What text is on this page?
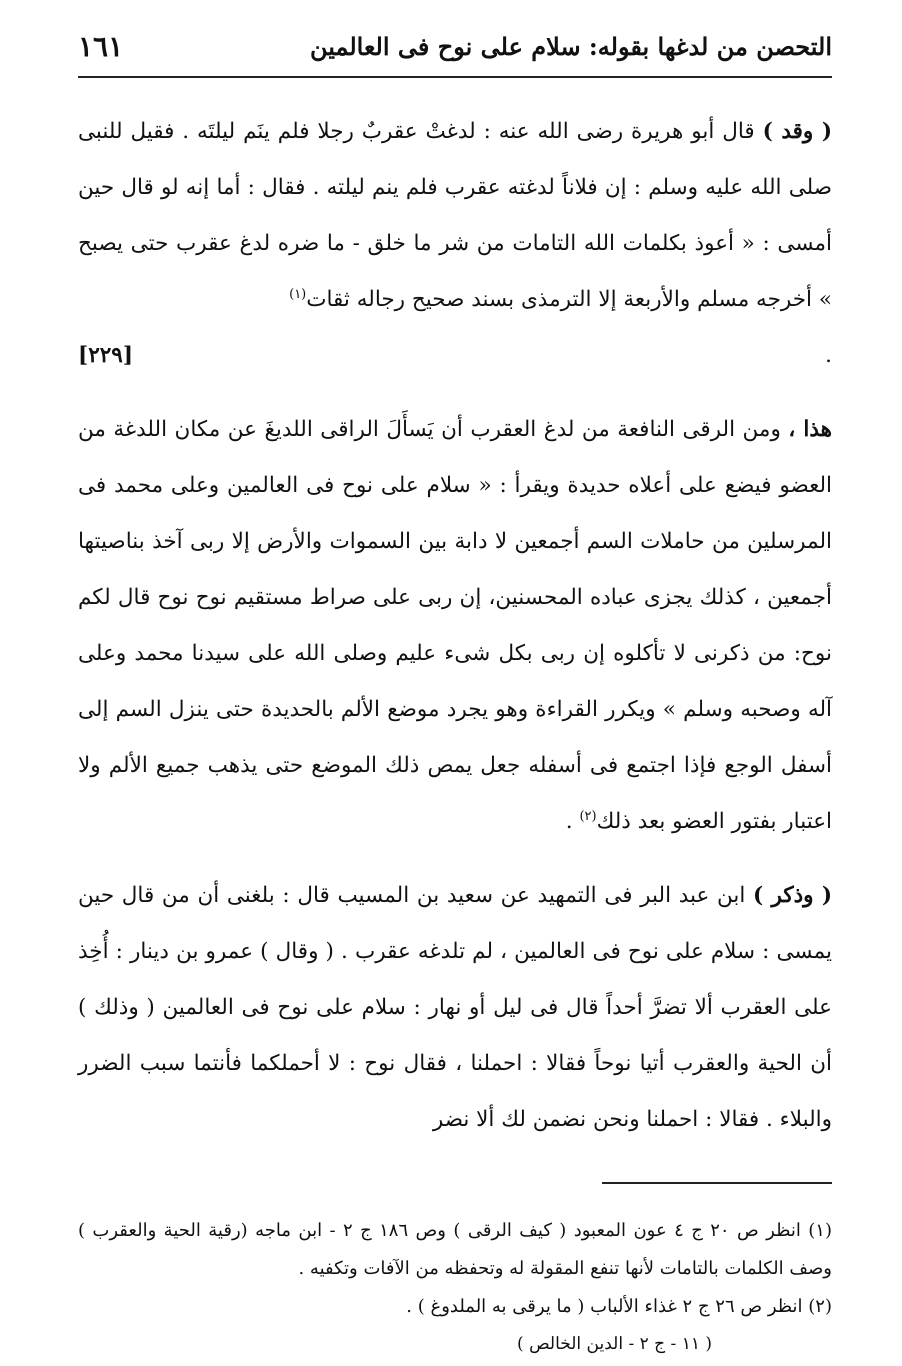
١٦١	التحصن من لدغها بقوله: سلام على نوح فى العالمين

( وقد ) قال أبو هريرة رضى الله عنه : لدغتْ عقربٌ رجلا فلم ينَم ليلتَه . فقيل للنبى صلى الله عليه وسلم : إن فلاناً لدغته عقرب فلم ينم ليلته . فقال : أما إنه لو قال حين أمسى : « أعوذ بكلمات الله التامات من شر ما خلق - ما ضره لدغ عقرب حتى يصبح » أخرجه مسلم والأربعة إلا الترمذى بسند صحيح رجاله ثقات$^{(١)}$
.
[٢٢٩]

هذا ، ومن الرقى النافعة من لدغ العقرب أن يَسأَلَ الراقى اللديغَ عن مكان اللدغة من العضو فيضع على أعلاه حديدة ويقرأ : « سلام على نوح فى العالمين وعلى محمد فى المرسلين من حاملات السم أجمعين لا دابة بين السموات والأرض إلا ربى آخذ بناصيتها أجمعين ، كذلك يجزى عباده المحسنين، إن ربى على صراط مستقيم نوح نوح قال لكم نوح: من ذكرنى لا تأكلوه إن ربى بكل شىء عليم وصلى الله على سيدنا محمد وعلى آله وصحبه وسلم » ويكرر القراءة وهو يجرد موضع الألم بالحديدة حتى ينزل السم إلى أسفل الوجع فإذا اجتمع فى أسفله جعل يمص ذلك الموضع حتى يذهب جميع الألم ولا اعتبار بفتور العضو بعد ذلك$^{(٢)}$ .

( وذكر ) ابن عبد البر فى التمهيد عن سعيد بن المسيب قال : بلغنى أن من قال حين يمسى : سلام على نوح فى العالمين ، لم تلدغه عقرب . ( وقال ) عمرو بن دينار : أُخِذ على العقرب ألا تضرَّ أحداً قال فى ليل أو نهار : سلام على نوح فى العالمين ( وذلك ) أن الحية والعقرب أتيا نوحاً فقالا : احملنا ، فقال نوح : لا أحملكما فأنتما سبب الضرر والبلاء . فقالا : احملنا ونحن نضمن لك ألا نضر

(١) انظر ص ٢٠ ج ٤ عون المعبود ( كيف الرقى ) وص ١٨٦ ج ٢ - ابن ماجه (رقية الحية والعقرب ) وصف الكلمات بالتامات لأنها تنفع المقولة له وتحفظه من الآفات وتكفيه .

(٢) انظر ص ٢٦ ج ٢ غذاء الألباب ( ما يرقى به الملدوغ ) .

( ١١ - ج ٢ - الدين الخالص )
